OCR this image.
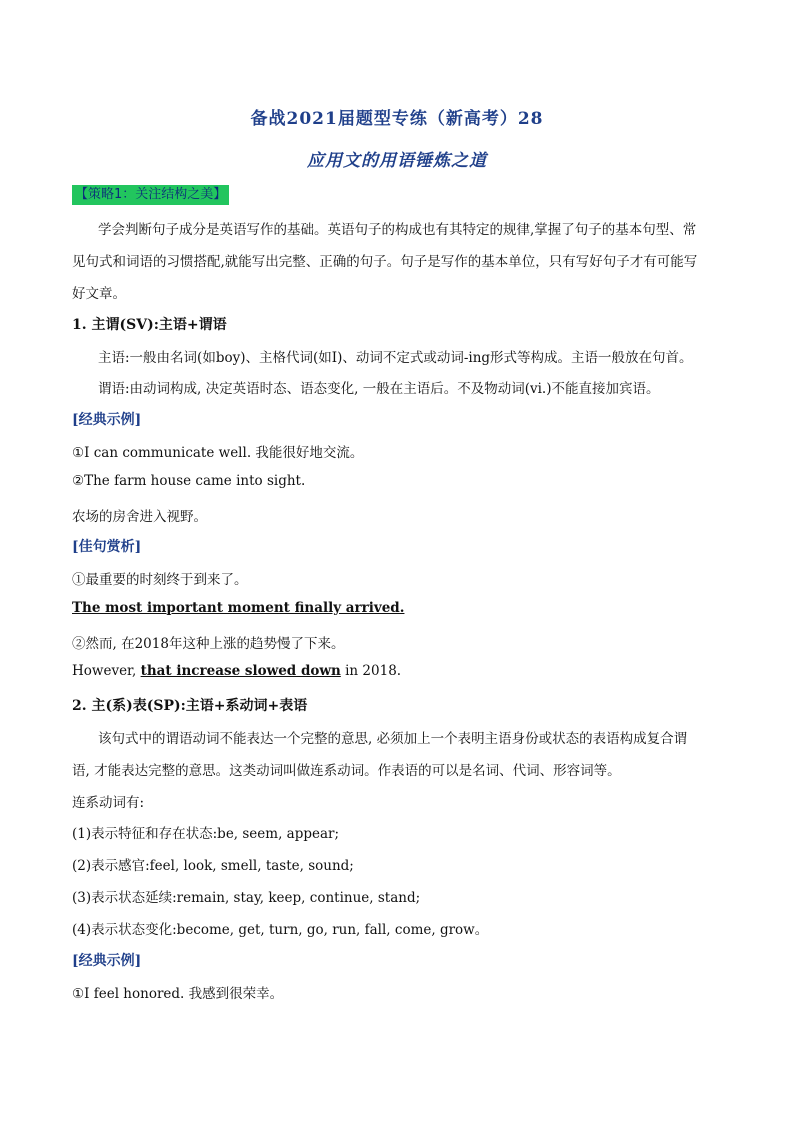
备战2021届题型专练（新高考）28
应用文的用语锤炼之道
【策略1：关注结构之美】
学会判断句子成分是英语写作的基础。英语句子的构成也有其特定的规律,掌握了句子的基本句型、常
见句式和词语的习惯搭配,就能写出完整、正确的句子。句子是写作的基本单位，只有写好句子才有可能写
好文章。
1. 主谓(SV):主语+谓语
主语:一般由名词(如boy)、主格代词(如I)、动词不定式或动词-ing形式等构成。主语一般放在句首。
谓语:由动词构成, 决定英语时态、语态变化, 一般在主语后。不及物动词(vi.)不能直接加宾语。
[经典示例]
①I can communicate well. 我能很好地交流。
②The farm house came into sight.
农场的房舍进入视野。
[佳句赏析]
①最重要的时刻终于到来了。
The most important moment finally arrived.
②然而, 在2018年这种上涨的趋势慢了下来。
However, that increase slowed down in 2018.
2. 主(系)表(SP):主语+系动词+表语
该句式中的谓语动词不能表达一个完整的意思, 必须加上一个表明主语身份或状态的表语构成复合谓
语, 才能表达完整的意思。这类动词叫做连系动词。作表语的可以是名词、代词、形容词等。
连系动词有:
(1)表示特征和存在状态:be, seem, appear;
(2)表示感官:feel, look, smell, taste, sound;
(3)表示状态延续:remain, stay, keep, continue, stand;
(4)表示状态变化:become, get, turn, go, run, fall, come, grow。
[经典示例]
①I feel honored. 我感到很荣幸。
